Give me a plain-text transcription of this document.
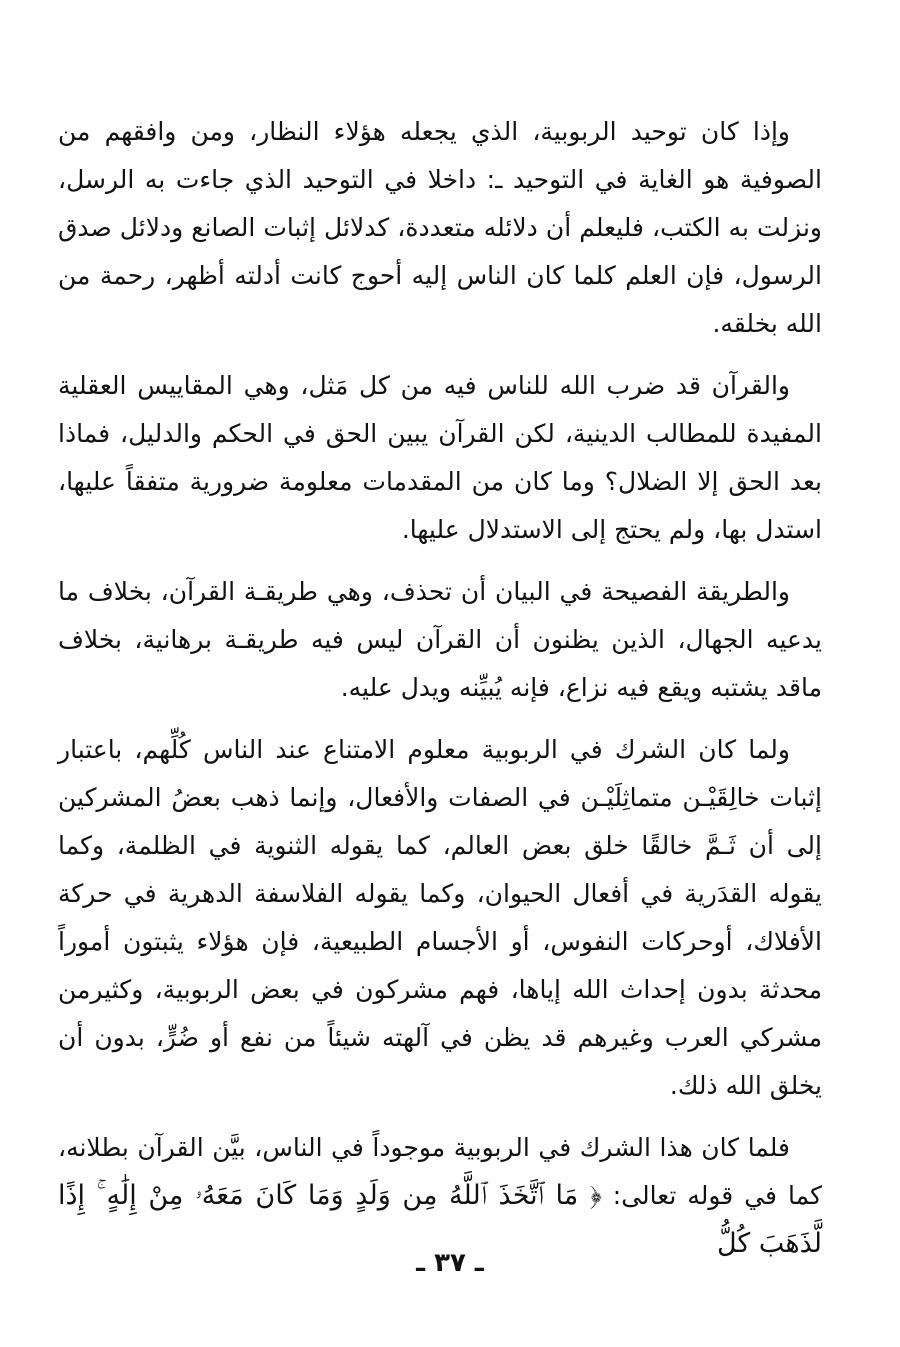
وإذا كان توحيد الربوبية، الذي يجعله هؤلاء النظار، ومن وافقهم من الصوفية هو الغاية في التوحيد ـ: داخلا في التوحيد الذي جاءت به الرسل، ونزلت به الكتب، فليعلم أن دلائله متعددة، كدلائل إثبات الصانع ودلائل صدق الرسول، فإن العلم كلما كان الناس إليه أحوج كانت أدلته أظهر، رحمة من الله بخلقه.

والقرآن قد ضرب الله للناس فيه من كل مَثل، وهي المقاييس العقلية المفيدة للمطالب الدينية، لكن القرآن يبين الحق في الحكم والدليل، فماذا بعد الحق إلا الضلال؟ وما كان من المقدمات معلومة ضرورية متفقاً عليها، استدل بها، ولم يحتج إلى الاستدلال عليها.

والطريقة الفصيحة في البيان أن تحذف، وهي طريقـة القرآن، بخلاف ما يدعيه الجهال، الذين يظنون أن القرآن ليس فيه طريقـة برهانية، بخلاف ماقد يشتبه ويقع فيه نزاع، فإنه يُبيِّنه ويدل عليه.

ولما كان الشرك في الربوبية معلوم الامتناع عند الناس كُلِّهم، باعتبار إثبات خالِقَيْـن متماثِلَيْـن في الصفات والأفعال، وإنما ذهب بعضُ المشركين إلى أن ثَـمَّ خالقًا خلق بعض العالم، كما يقوله الثنوية في الظلمة، وكما يقوله القدَرية في أفعال الحيوان، وكما يقوله الفلاسفة الدهرية في حركة الأفلاك، أوحركات النفوس، أو الأجسام الطبيعية، فإن هؤلاء يثبتون أموراً محدثة بدون إحداث الله إياها، فهم مشركون في بعض الربوبية، وكثيرمن مشركي العرب وغيرهم قد يظن في آلهته شيئاً من نفع أو ضُرٍّ، بدون أن يخلق الله ذلك.

فلما كان هذا الشرك في الربوبية موجوداً في الناس، بيَّن القرآن بطلانه، كما في قوله تعالى: ﴿ مَا ٱتَّخَذَ ٱللَّهُ مِن وَلَدٍ وَمَا كَانَ مَعَهُۥ مِنْ إِلَٰهٍ ۚ إِذًا لَّذَهَبَ كُلُّ

ـ ٣٧ ـ
